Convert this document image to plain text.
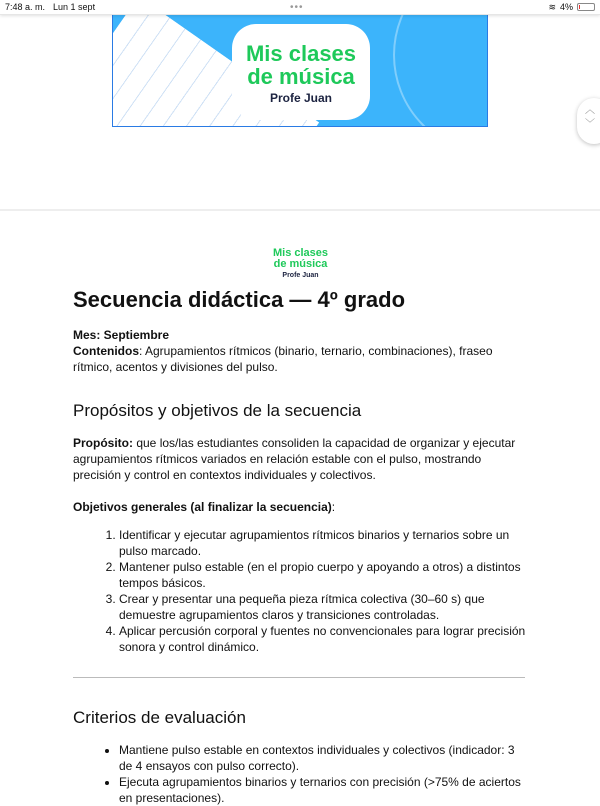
7:48 a. m. Lun 1 sept	•••	≋ 4%
Mis clases
de música
Profe Juan
︿
﹀
Mis clases
de música
Profe Juan
Secuencia didáctica — 4º grado

Mes: Septiembre

Contenidos: Agrupamientos rítmicos (binario, ternario, combinaciones), fraseo rítmico, acentos y divisiones del pulso.

Propósitos y objetivos de la secuencia

Propósito: que los/las estudiantes consoliden la capacidad de organizar y ejecutar agrupamientos rítmicos variados en relación estable con el pulso, mostrando precisión y control en contextos individuales y colectivos.

Objetivos generales (al finalizar la secuencia):

1. Identificar y ejecutar agrupamientos rítmicos binarios y ternarios sobre un pulso marcado.
2. Mantener pulso estable (en el propio cuerpo y apoyando a otros) a distintos tempos básicos.
3. Crear y presentar una pequeña pieza rítmica colectiva (30–60 s) que demuestre agrupamientos claros y transiciones controladas.
4. Aplicar percusión corporal y fuentes no convencionales para lograr precisión sonora y control dinámico.
Criterios de evaluación
• Mantiene pulso estable en contextos individuales y colectivos (indicador: 3 de 4 ensayos con pulso correcto).
• Ejecuta agrupamientos binarios y ternarios con precisión (>75% de aciertos en presentaciones).
